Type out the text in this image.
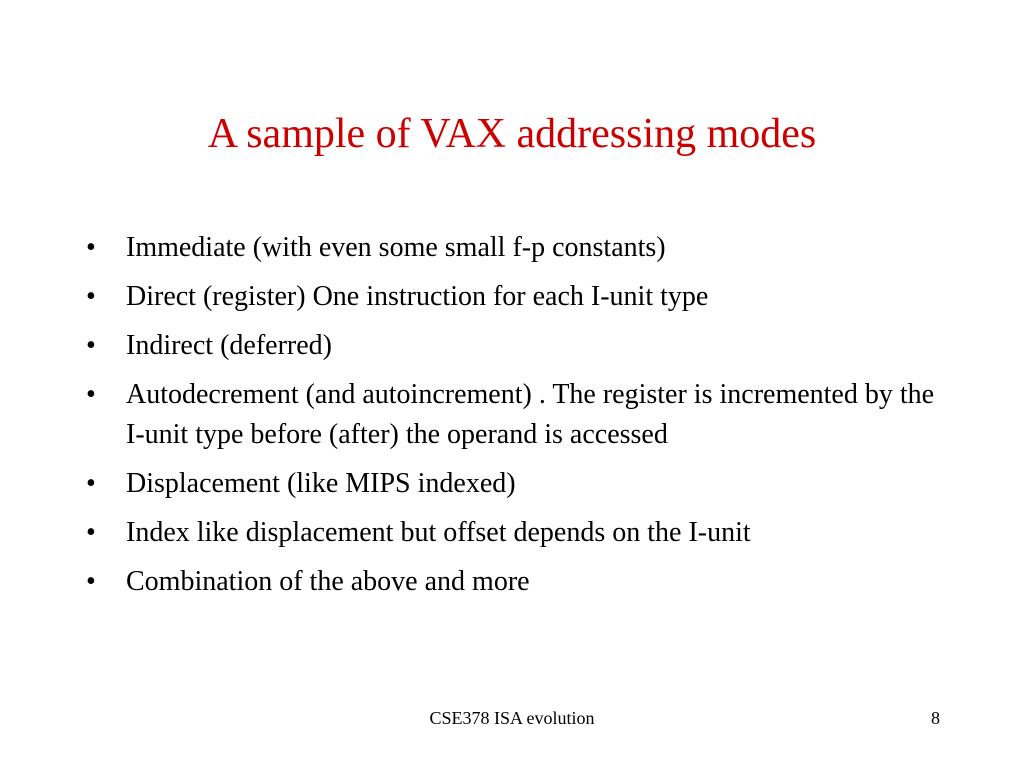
A sample of VAX addressing modes
•	Immediate (with even some small f-p constants)
•	Direct (register) One instruction for each I-unit type
•	Indirect (deferred)
•	Autodecrement (and autoincrement) . The register is incremented by the I-unit type before (after) the operand is accessed
•	Displacement (like MIPS indexed)
•	Index like displacement but offset depends on the I-unit
•	Combination of the above and more
CSE378 ISA evolution	8
